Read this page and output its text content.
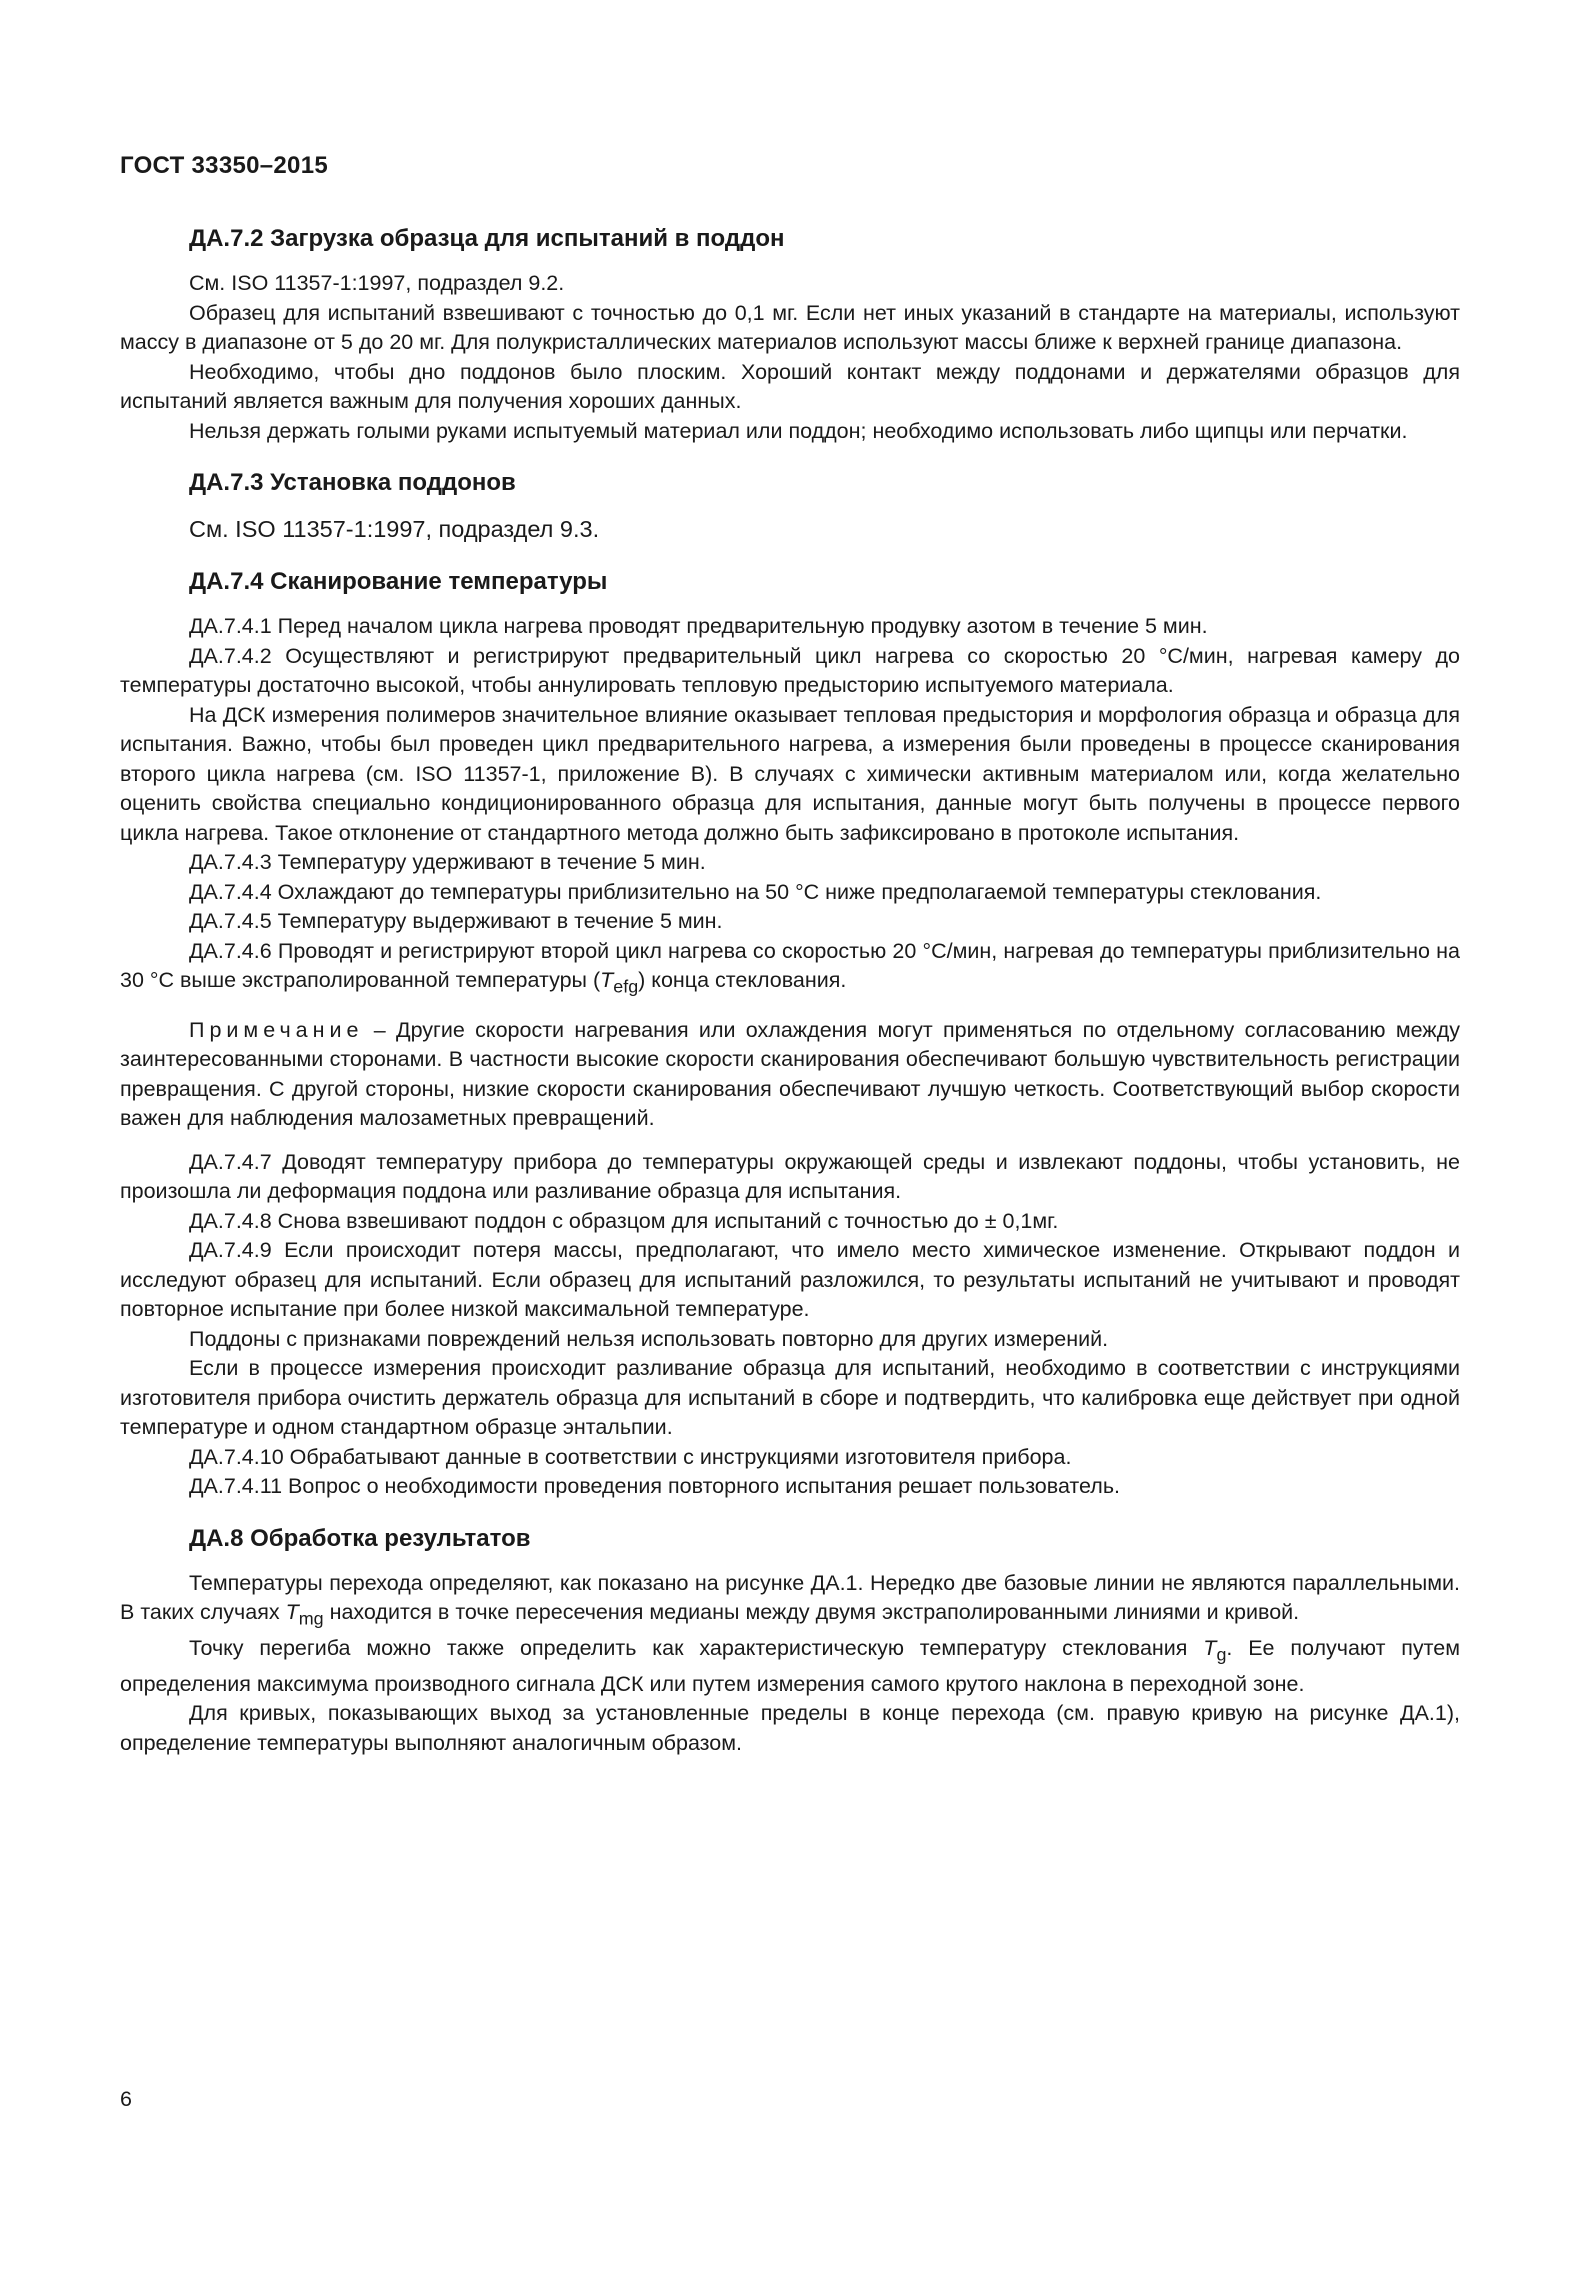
ГОСТ 33350–2015
ДА.7.2 Загрузка образца для испытаний в поддон

См. ISO 11357-1:1997, подраздел 9.2.

Образец для испытаний взвешивают с точностью до 0,1 мг. Если нет иных указаний в стандарте на материалы, используют массу в диапазоне от 5 до 20 мг. Для полукристаллических материалов используют массы ближе к верхней границе диапазона.

Необходимо, чтобы дно поддонов было плоским. Хороший контакт между поддонами и держателями образцов для испытаний является важным для получения хороших данных.

Нельзя держать голыми руками испытуемый материал или поддон; необходимо использовать либо щипцы или перчатки.

ДА.7.3 Установка поддонов

См. ISO 11357-1:1997, подраздел 9.3.

ДА.7.4 Сканирование температуры

ДА.7.4.1 Перед началом цикла нагрева проводят предварительную продувку азотом в течение 5 мин.

ДА.7.4.2 Осуществляют и регистрируют предварительный цикл нагрева со скоростью 20 °С/мин, нагревая камеру до температуры достаточно высокой, чтобы аннулировать тепловую предысторию испытуемого материала.

На ДСК измерения полимеров значительное влияние оказывает тепловая предыстория и морфология образца и образца для испытания. Важно, чтобы был проведен цикл предварительного нагрева, а измерения были проведены в процессе сканирования второго цикла нагрева (см. ISO 11357-1, приложение В). В случаях с химически активным материалом или, когда желательно оценить свойства специально кондиционированного образца для испытания, данные могут быть получены в процессе первого цикла нагрева. Такое отклонение от стандартного метода должно быть зафиксировано в протоколе испытания.

ДА.7.4.3 Температуру удерживают в течение 5 мин.

ДА.7.4.4 Охлаждают до температуры приблизительно на 50 °С ниже предполагаемой температуры стеклования.

ДА.7.4.5 Температуру выдерживают в течение 5 мин.

ДА.7.4.6 Проводят и регистрируют второй цикл нагрева со скоростью 20 °С/мин, нагревая до температуры приблизительно на 30 °С выше экстраполированной температуры $(T_{efg})$ конца стеклования.

Примечание – Другие скорости нагревания или охлаждения могут применяться по отдельному согласованию между заинтересованными сторонами. В частности высокие скорости сканирования обеспечивают большую чувствительность регистрации превращения. С другой стороны, низкие скорости сканирования обеспечивают лучшую четкость. Соответствующий выбор скорости важен для наблюдения малозаметных превращений.

ДА.7.4.7 Доводят температуру прибора до температуры окружающей среды и извлекают поддоны, чтобы установить, не произошла ли деформация поддона или разливание образца для испытания.

ДА.7.4.8 Снова взвешивают поддон с образцом для испытаний с точностью до ± 0,1мг.

ДА.7.4.9 Если происходит потеря массы, предполагают, что имело место химическое изменение. Открывают поддон и исследуют образец для испытаний. Если образец для испытаний разложился, то результаты испытаний не учитывают и проводят повторное испытание при более низкой максимальной температуре.

Поддоны с признаками повреждений нельзя использовать повторно для других измерений.

Если в процессе измерения происходит разливание образца для испытаний, необходимо в соответствии с инструкциями изготовителя прибора очистить держатель образца для испытаний в сборе и подтвердить, что калибровка еще действует при одной температуре и одном стандартном образце энтальпии.

ДА.7.4.10 Обрабатывают данные в соответствии с инструкциями изготовителя прибора.

ДА.7.4.11 Вопрос о необходимости проведения повторного испытания решает пользователь.

ДА.8 Обработка результатов

Температуры перехода определяют, как показано на рисунке ДА.1. Нередко две базовые линии не являются параллельными. В таких случаях $T_{mg}$ находится в точке пересечения медианы между двумя экстраполированными линиями и кривой.

Точку перегиба можно также определить как характеристическую температуру стеклования $T_g$. Ее получают путем определения максимума производного сигнала ДСК или путем измерения самого крутого наклона в переходной зоне.

Для кривых, показывающих выход за установленные пределы в конце перехода (см. правую кривую на рисунке ДА.1), определение температуры выполняют аналогичным образом.

6
